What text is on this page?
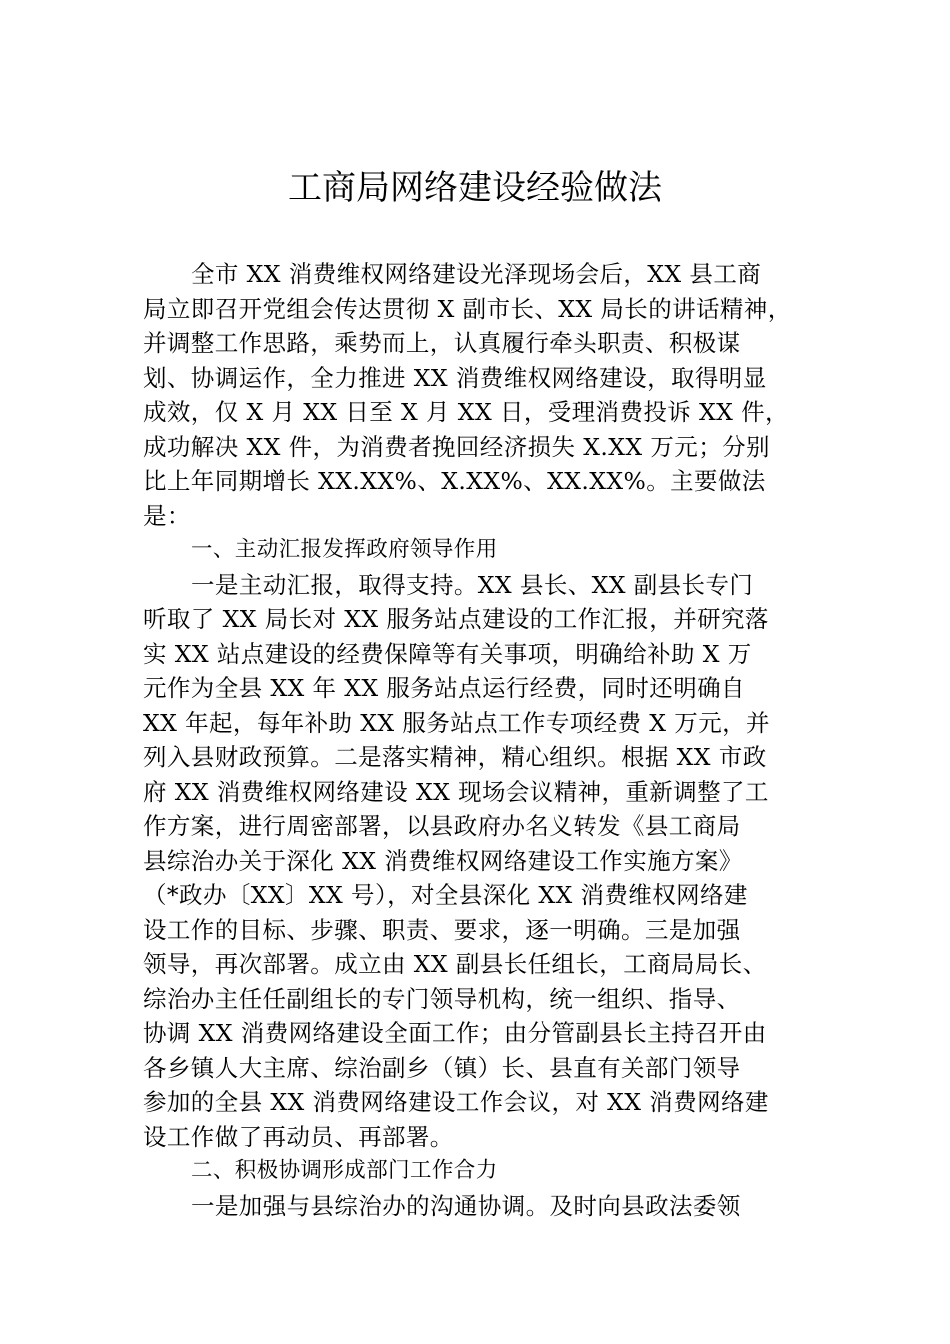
工商局网络建设经验做法
全市 XX 消费维权网络建设光泽现场会后，XX 县工商
局立即召开党组会传达贯彻 X 副市长、XX 局长的讲话精神，
并调整工作思路，乘势而上，认真履行牵头职责、积极谋
划、协调运作，全力推进 XX 消费维权网络建设，取得明显
成效，仅 X 月 XX 日至 X 月 XX 日，受理消费投诉 XX 件，
成功解决 XX 件，为消费者挽回经济损失 X.XX 万元；分别
比上年同期增长 XX.XX%、X.XX%、XX.XX%。主要做法
是：
一、主动汇报发挥政府领导作用
一是主动汇报，取得支持。XX 县长、XX 副县长专门
听取了 XX 局长对 XX 服务站点建设的工作汇报，并研究落
实 XX 站点建设的经费保障等有关事项，明确给补助 X 万
元作为全县 XX 年 XX 服务站点运行经费，同时还明确自
XX 年起，每年补助 XX 服务站点工作专项经费 X 万元，并
列入县财政预算。二是落实精神，精心组织。根据 XX 市政
府 XX 消费维权网络建设 XX 现场会议精神，重新调整了工
作方案，进行周密部署，以县政府办名义转发《县工商局
县综治办关于深化 XX 消费维权网络建设工作实施方案》
（*政办〔XX〕XX 号），对全县深化 XX 消费维权网络建
设工作的目标、步骤、职责、要求，逐一明确。三是加强
领导，再次部署。成立由 XX 副县长任组长，工商局局长、
综治办主任任副组长的专门领导机构，统一组织、指导、
协调 XX 消费网络建设全面工作；由分管副县长主持召开由
各乡镇人大主席、综治副乡（镇）长、县直有关部门领导
参加的全县 XX 消费网络建设工作会议，对 XX 消费网络建
设工作做了再动员、再部署。
二、积极协调形成部门工作合力
一是加强与县综治办的沟通协调。及时向县政法委领
